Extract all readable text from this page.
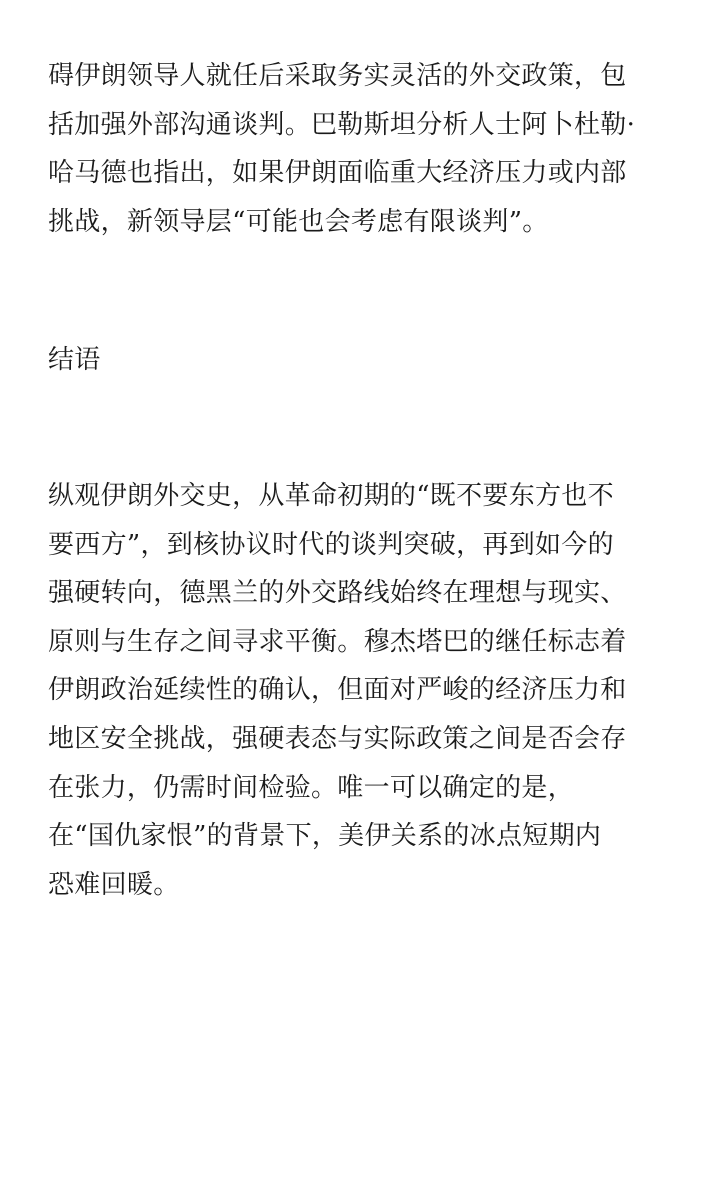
碍伊朗领导人就任后采取务实灵活的外交政策，包
括加强外部沟通谈判。巴勒斯坦分析人士阿卜杜勒·
哈马德也指出，如果伊朗面临重大经济压力或内部
挑战，新领导层“可能也会考虑有限谈判”。

结语

纵观伊朗外交史，从革命初期的“既不要东方也不
要西方”，到核协议时代的谈判突破，再到如今的
强硬转向，德黑兰的外交路线始终在理想与现实、
原则与生存之间寻求平衡。穆杰塔巴的继任标志着
伊朗政治延续性的确认，但面对严峻的经济压力和
地区安全挑战，强硬表态与实际政策之间是否会存
在张力，仍需时间检验。唯一可以确定的是，
在“国仇家恨”的背景下，美伊关系的冰点短期内
恐难回暖。
